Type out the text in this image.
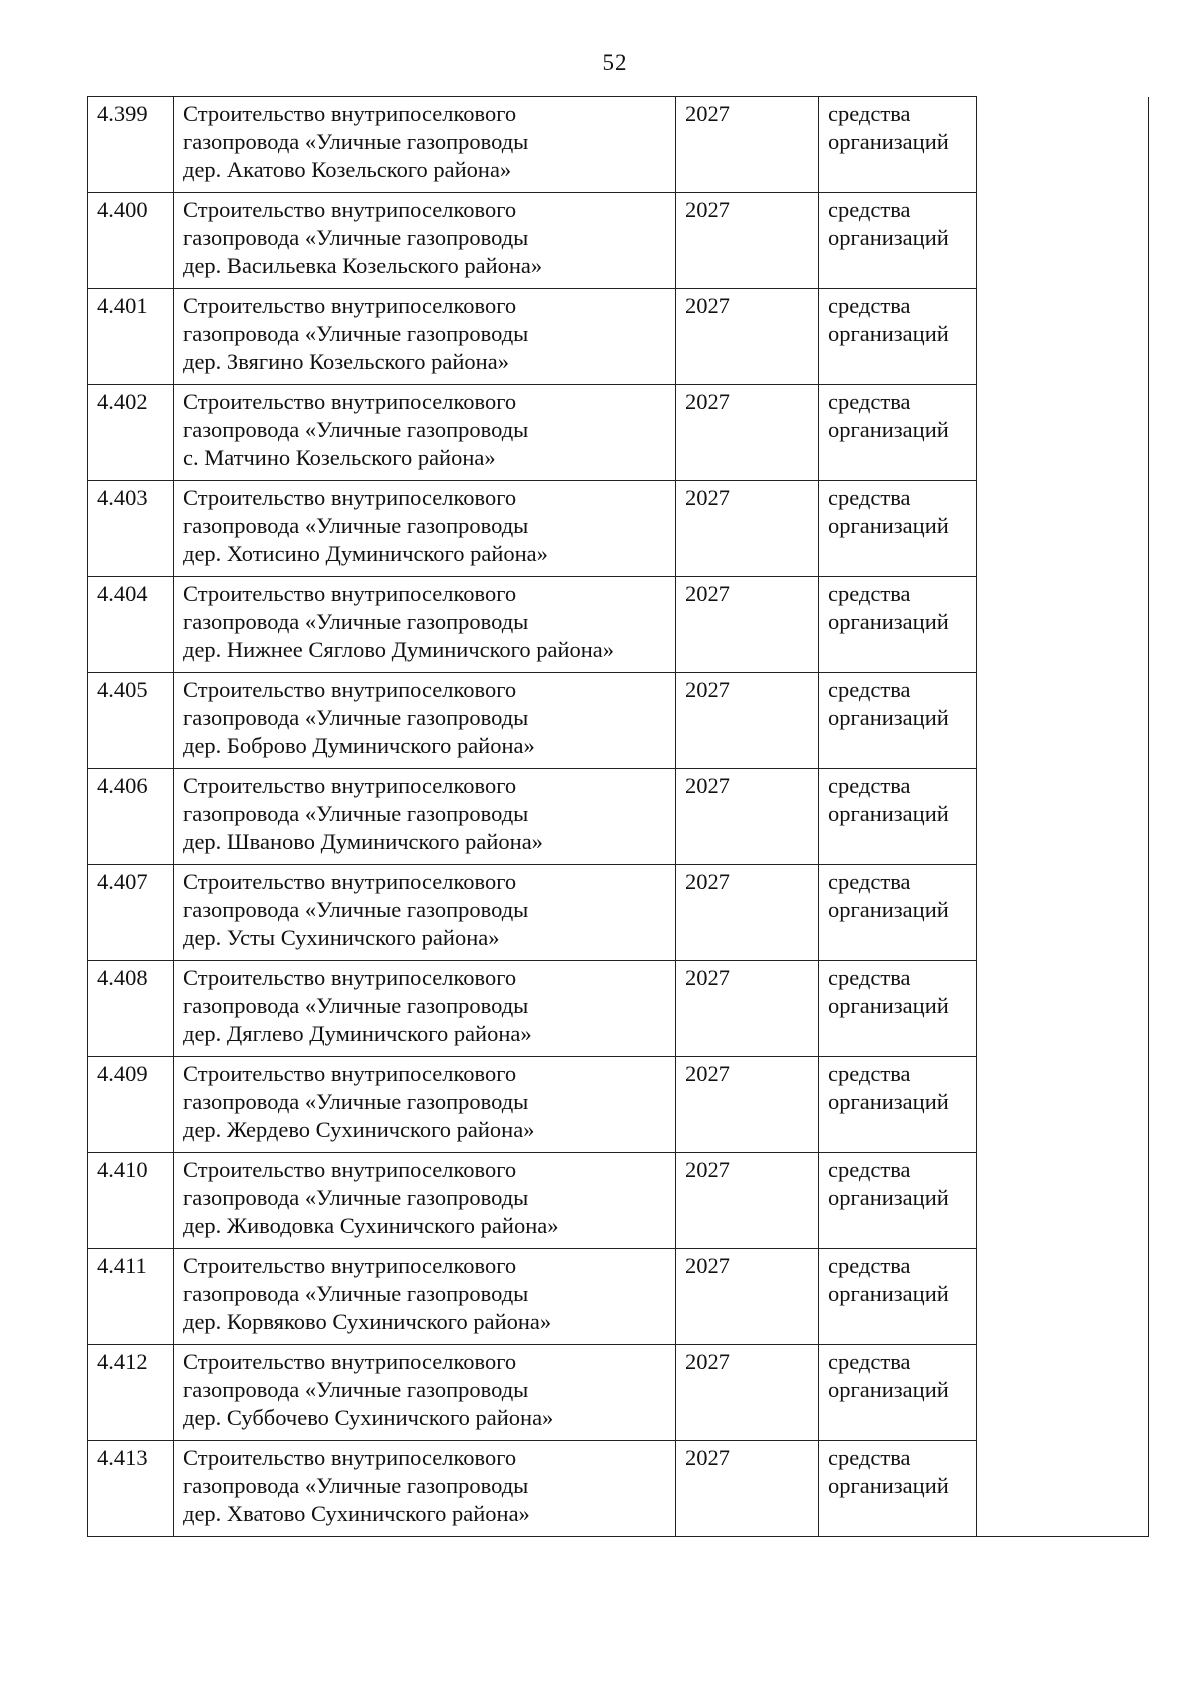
52
4.399	Строительство внутрипоселкового
газопровода «Уличные газопроводы
дер. Акатово Козельского района»	2027	средства
организаций	

4.400	Строительство внутрипоселкового
газопровода «Уличные газопроводы
дер. Васильевка Козельского района»	2027	средства
организаций	

4.401	Строительство внутрипоселкового
газопровода «Уличные газопроводы
дер. Звягино Козельского района»	2027	средства
организаций	

4.402	Строительство внутрипоселкового
газопровода «Уличные газопроводы
с. Матчино Козельского района»	2027	средства
организаций	

4.403	Строительство внутрипоселкового
газопровода «Уличные газопроводы
дер. Хотисино Думиничского района»	2027	средства
организаций	

4.404	Строительство внутрипоселкового
газопровода «Уличные газопроводы
дер. Нижнее Сяглово Думиничского района»	2027	средства
организаций	

4.405	Строительство внутрипоселкового
газопровода «Уличные газопроводы
дер. Боброво Думиничского района»	2027	средства
организаций	

4.406	Строительство внутрипоселкового
газопровода «Уличные газопроводы
дер. Шваново Думиничского района»	2027	средства
организаций	

4.407	Строительство внутрипоселкового
газопровода «Уличные газопроводы
дер. Усты Сухиничского района»	2027	средства
организаций	

4.408	Строительство внутрипоселкового
газопровода «Уличные газопроводы
дер. Дяглево Думиничского района»	2027	средства
организаций	

4.409	Строительство внутрипоселкового
газопровода «Уличные газопроводы
дер. Жердево Сухиничского района»	2027	средства
организаций	

4.410	Строительство внутрипоселкового
газопровода «Уличные газопроводы
дер. Живодовка Сухиничского района»	2027	средства
организаций	

4.411	Строительство внутрипоселкового
газопровода «Уличные газопроводы
дер. Корвяково Сухиничского района»	2027	средства
организаций	

4.412	Строительство внутрипоселкового
газопровода «Уличные газопроводы
дер. Суббочево Сухиничского района»	2027	средства
организаций	

4.413	Строительство внутрипоселкового
газопровода «Уличные газопроводы
дер. Хватово Сухиничского района»	2027	средства
организаций	
